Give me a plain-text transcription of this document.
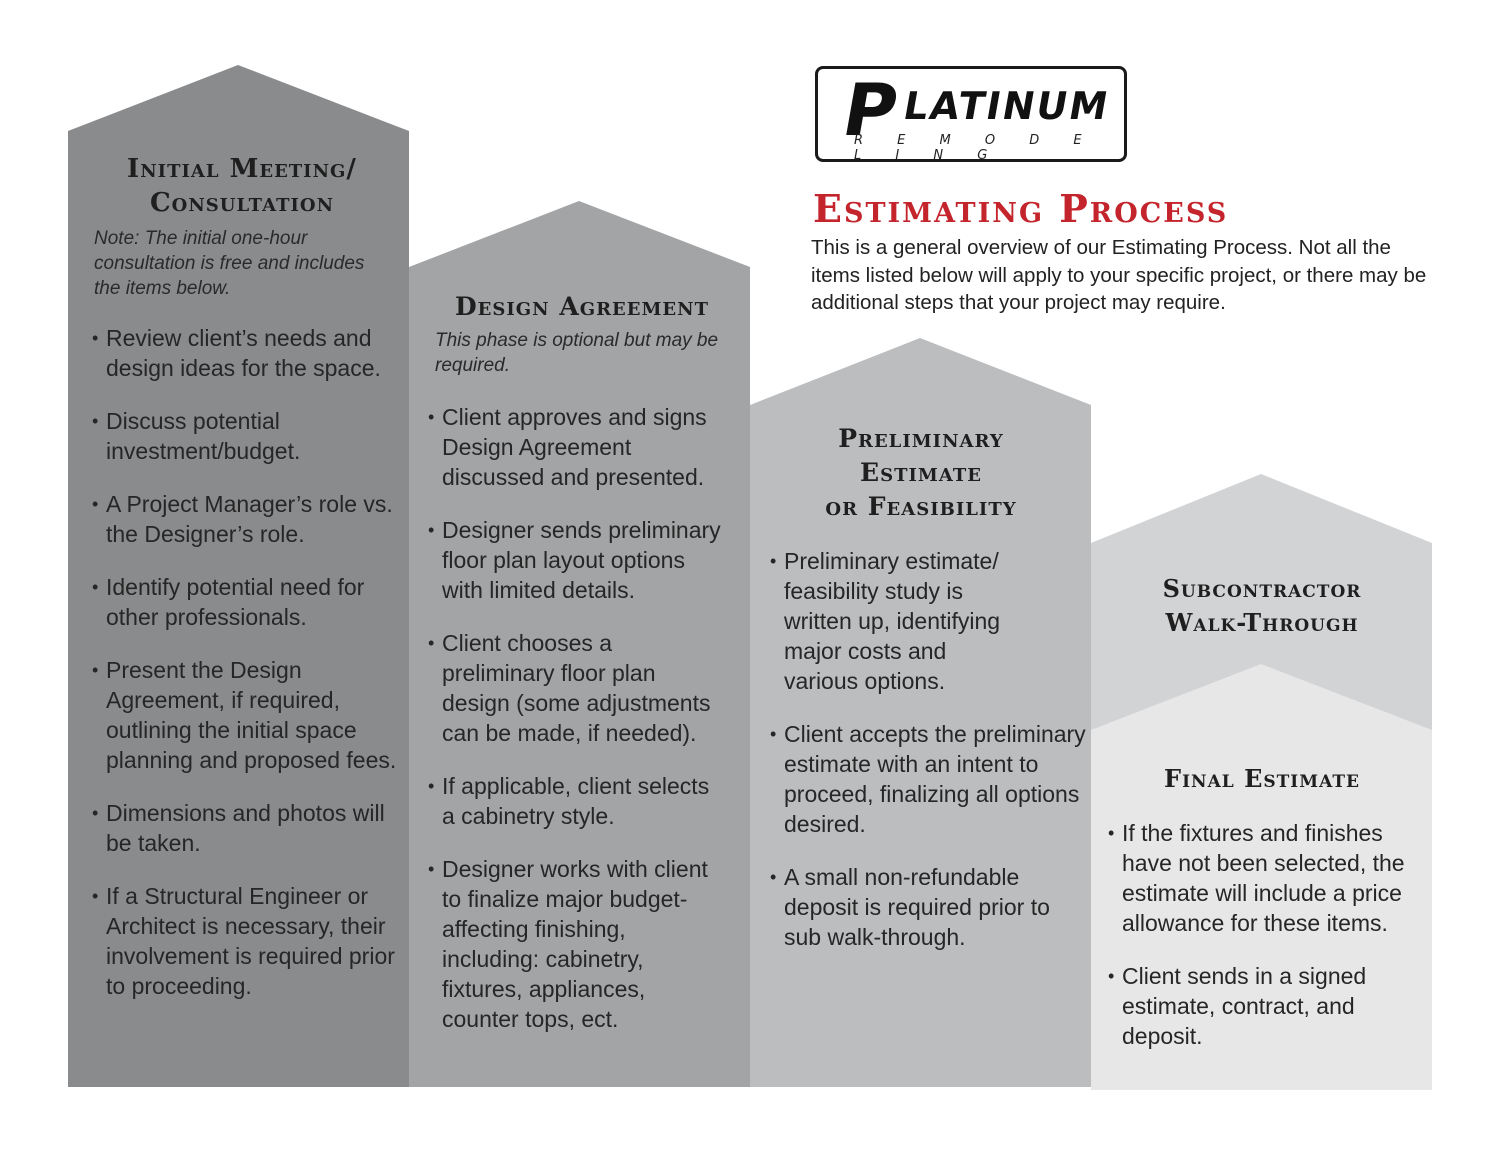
P
LATINUM
R E M O D E L I N G
Estimating Process
This is a general overview of our Estimating Process. Not all the items listed below will apply to your specific project, or there may be additional steps that your project may require.
Initial Meeting/
Consultation
Note: The initial one-hour consultation is free and includes the items below.
• Review client’s needs and design ideas for the space.
• Discuss potential investment/budget.
• A Project Manager’s role vs. the Designer’s role.
• Identify potential need for other professionals.
• Present the Design Agreement, if required, outlining the initial space planning and proposed fees.
• Dimensions and photos will be taken.
• If a Structural Engineer or Architect is necessary, their involvement is required prior to proceeding.
Design Agreement
This phase is optional but may be required.
• Client approves and signs Design Agreement discussed and presented.
• Designer sends preliminary floor plan layout options with limited details.
• Client chooses a preliminary floor plan design (some adjustments can be made, if needed).
• If applicable, client selects a cabinetry style.
• Designer works with client to finalize major budget-affecting finishing, including: cabinetry, fixtures, appliances, counter tops, ect.
Preliminary
Estimate
or Feasibility
• Preliminary estimate/ feasibility study is written up, identifying major costs and various options.
• Client accepts the preliminary estimate with an intent to proceed, finalizing all options desired.
• A small non-refundable deposit is required prior to sub walk-through.
Subcontractor
Walk-Through
Final Estimate
• If the fixtures and finishes have not been selected, the estimate will include a price allowance for these items.
• Client sends in a signed estimate, contract, and deposit.
